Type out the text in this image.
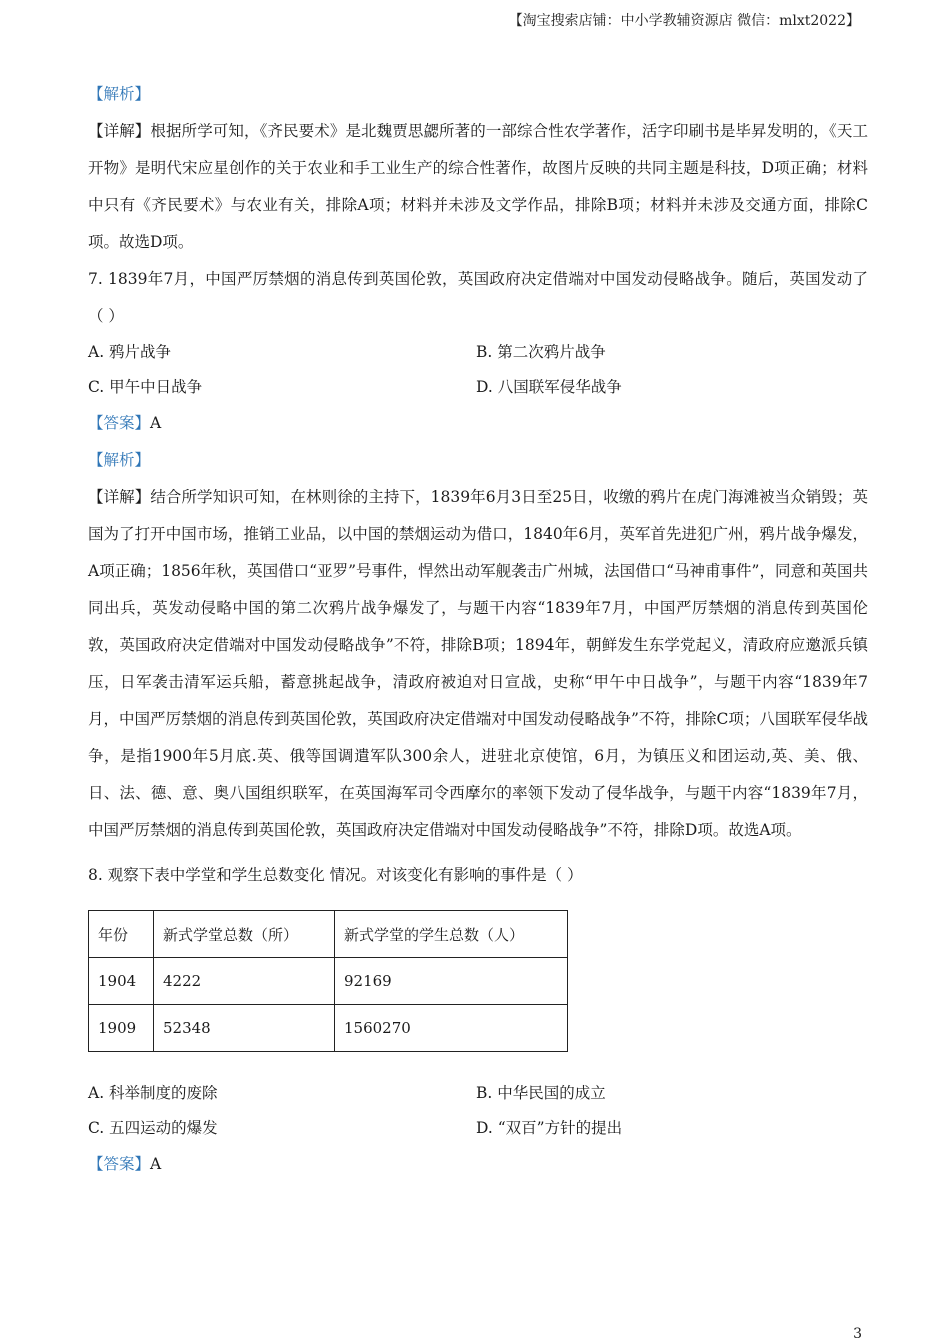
【淘宝搜索店铺：中小学教辅资源店 微信：mlxt2022】
【解析】
【详解】根据所学可知，《齐民要术》是北魏贾思勰所著的一部综合性农学著作，活字印刷书是毕昇发明的，《天工开物》是明代宋应星创作的关于农业和手工业生产的综合性著作，故图片反映的共同主题是科技，D项正确；材料中只有《齐民要术》与农业有关，排除A项；材料并未涉及文学作品，排除B项；材料并未涉及交通方面，排除C项。故选D项。
7. 1839年7月，中国严厉禁烟的消息传到英国伦敦，英国政府决定借端对中国发动侵略战争。随后，英国发动了（ ）
A. 鸦片战争	B. 第二次鸦片战争
C. 甲午中日战争	D. 八国联军侵华战争
【答案】A
【解析】
【详解】结合所学知识可知，在林则徐的主持下，1839年6月3日至25日，收缴的鸦片在虎门海滩被当众销毁；英国为了打开中国市场，推销工业品，以中国的禁烟运动为借口，1840年6月，英军首先进犯广州，鸦片战争爆发，A项正确；1856年秋，英国借口“亚罗”号事件，悍然出动军舰袭击广州城，法国借口“马神甫事件”，同意和英国共同出兵，英发动侵略中国的第二次鸦片战争爆发了，与题干内容“1839年7月，中国严厉禁烟的消息传到英国伦敦，英国政府决定借端对中国发动侵略战争”不符，排除B项；1894年，朝鲜发生东学党起义，清政府应邀派兵镇压，日军袭击清军运兵船，蓄意挑起战争，清政府被迫对日宣战，史称“甲午中日战争”，与题干内容“1839年7月，中国严厉禁烟的消息传到英国伦敦，英国政府决定借端对中国发动侵略战争”不符，排除C项；八国联军侵华战争，是指1900年5月底.英、俄等国调遣军队300余人，进驻北京使馆，6月，为镇压义和团运动,英、美、俄、日、法、德、意、奥八国组织联军，在英国海军司令西摩尔的率领下发动了侵华战争，与题干内容“1839年7月，中国严厉禁烟的消息传到英国伦敦，英国政府决定借端对中国发动侵略战争”不符，排除D项。故选A项。
8. 观察下表中学堂和学生总数变化 情况。对该变化有影响的事件是（ ）
年份	新式学堂总数（所）	新式学堂的学生总数（人）
1904	4222	92169
1909	52348	1560270
A. 科举制度的废除	B. 中华民国的成立
C. 五四运动的爆发	D. “双百”方针的提出
【答案】A
3
